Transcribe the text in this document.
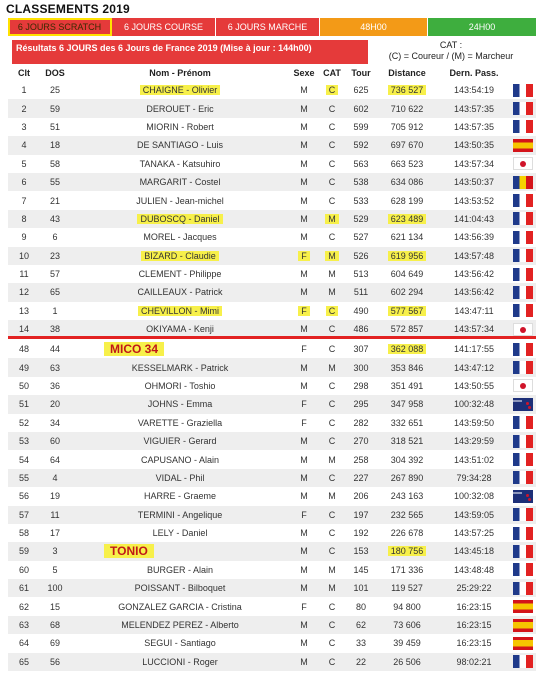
CLASSEMENTS 2019
6 JOURS SCRATCH	6 JOURS COURSE	6 JOURS MARCHE	48H00	24H00
Résultats 6 JOURS des 6 Jours de France 2019 (Mise à jour : 144h00)	CAT :
(C) = Coureur / (M) = Marcheur
Clt	DOS	Nom - Prénom	Sexe CAT	Tour	Distance	Dern. Pass.
1	25	CHAIGNE - Olivier	M	C	625	736 527	143:54:19
2	59	DEROUET - Eric	M	C	602	710 622	143:57:35
3	51	MIORIN - Robert	M	C	599	705 912	143:57:35
4	18	DE SANTIAGO - Luis	M	C	592	697 670	143:50:35
5	58	TANAKA - Katsuhiro	M	C	563	663 523	143:57:34
6	55	MARGARIT - Costel	M	C	538	634 086	143:50:37
7	21	JULIEN - Jean-michel	M	C	533	628 199	143:53:52
8	43	DUBOSCQ - Daniel	M	M	529	623 489	141:04:43
9	6	MOREL - Jacques	M	C	527	621 134	143:56:39
10	23	BIZARD - Claudie	F	M	526	619 956	143:57:48
11	57	CLEMENT - Philippe	M	M	513	604 649	143:56:42
12	65	CAILLEAUX - Patrick	M	M	511	602 294	143:56:42
13	1	CHEVILLON - Mimi	F	C	490	577 567	143:47:11
14	38	OKIYAMA - Kenji	M	C	486	572 857	143:57:34
48	44	MICO 34	F	C	307	362 088	141:17:55
49	63	KESSELMARK - Patrick	M	M	300	353 846	143:47:12
50	36	OHMORI - Toshio	M	C	298	351 491	143:50:55
51	20	JOHNS - Emma	F	C	295	347 958	100:32:48
52	34	VARETTE - Graziella	F	C	282	332 651	143:59:50
53	60	VIGUIER - Gerard	M	C	270	318 521	143:29:59
54	64	CAPUSANO - Alain	M	M	258	304 392	143:51:02
55	4	VIDAL - Phil	M	C	227	267 890	79:34:28
56	19	HARRE - Graeme	M	M	206	243 163	100:32:08
57	11	TERMINI - Angelique	F	C	197	232 565	143:59:05
58	17	LELY - Daniel	M	C	192	226 678	143:57:25
59	3	TONIO	M	C	153	180 756	143:45:18
60	5	BURGER - Alain	M	M	145	171 336	143:48:48
61	100	POISSANT - Bilboquet	M	M	101	119 527	25:29:22
62	15	GONZALEZ GARCIA - Cristina	F	C	80	94 800	16:23:15
63	68	MELENDEZ PEREZ - Alberto	M	C	62	73 606	16:23:15
64	69	SEGUI - Santiago	M	C	33	39 459	16:23:15
65	56	LUCCIONI - Roger	M	C	22	26 506	98:02:21
